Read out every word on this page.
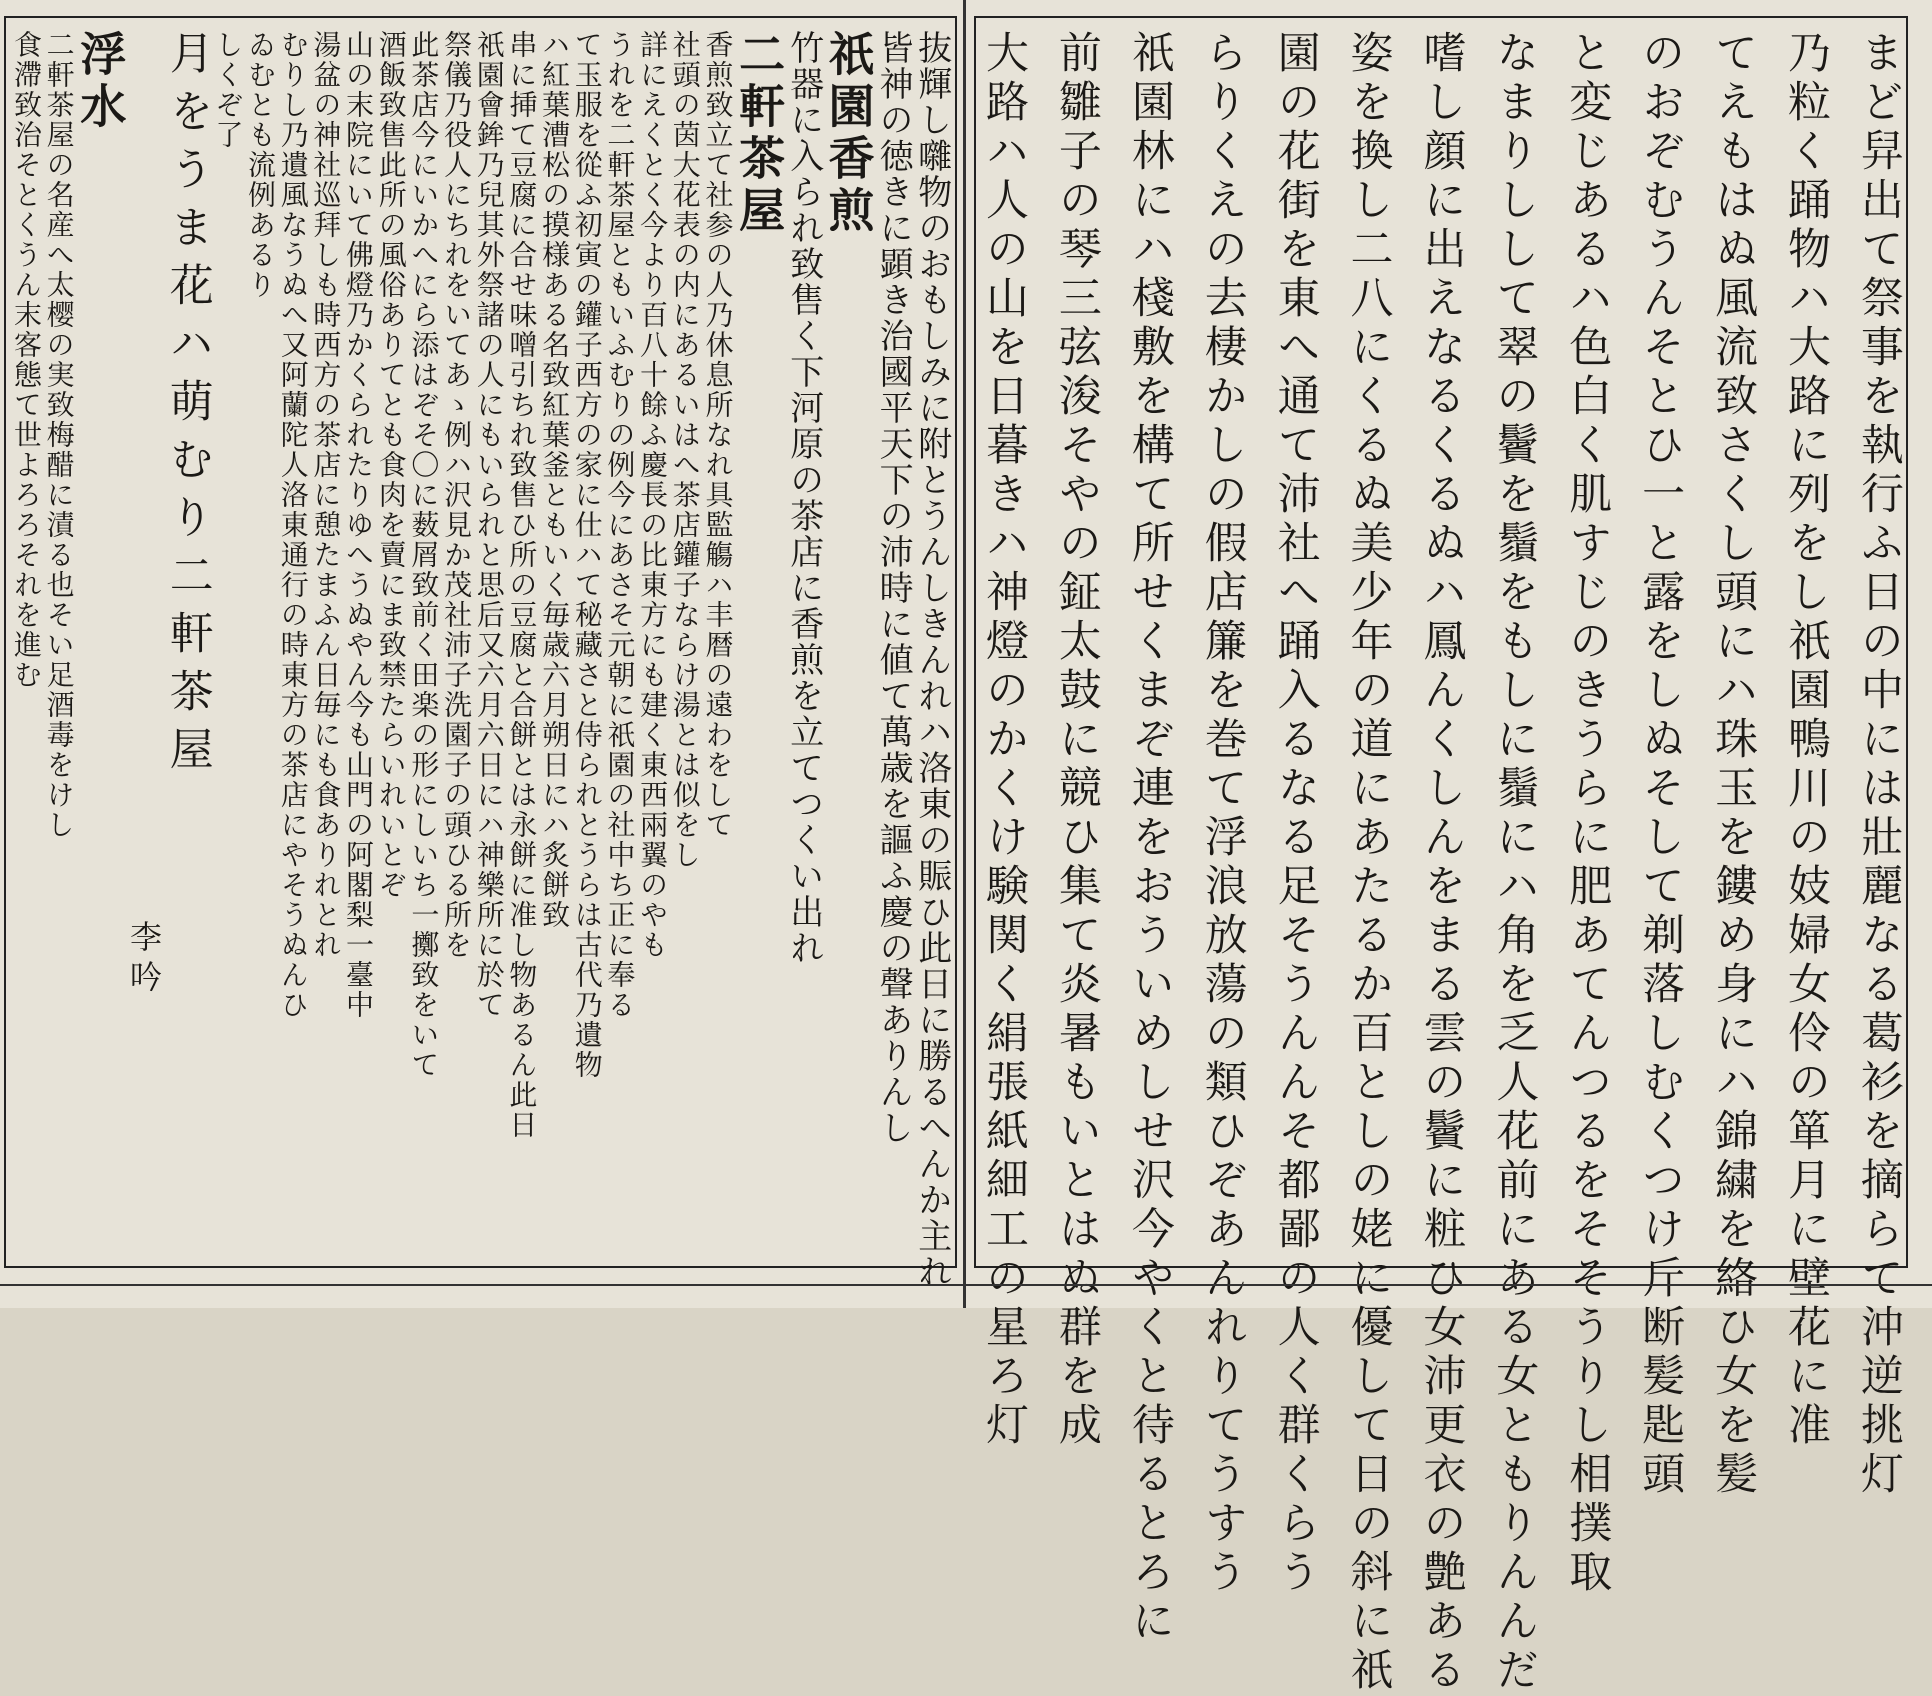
まど舁出て祭事を執行ふ日の中には壯麗なる葛衫を摘らて沖逆挑灯
乃粒く踊物ハ大路に列をし祇園鴨川の妓婦女伶の箪月に壁花に准
てえもはぬ風流致さくし頭にハ珠玉を鏤め身にハ錦繍を絡ひ女を髪
のおぞむうんそとひ一と露をしぬそして剃落しむくつけ斤断髪匙頭
と変じあるハ色白く肌すじのきうらに肥あてんつるをそそうりし相撲取
なまりしして翠の鬢を鬚をもしに鬚にハ角を乏人花前にある女ともりんんだ
嗜し顔に出えなるくるぬハ鳳んくしんをまる雲の鬢に粧ひ女沛更衣の艶ある
姿を換し二八にくるぬ美少年の道にあたるか百としの姥に優して日の斜に祇
園の花街を東へ通て沛社へ踊入るなる足そうんんそ都鄙の人く群くらう
らりくえの去棲かしの假店簾を巻て浮浪放蕩の類ひぞあんれりてうすう
祇園林にハ棧敷を構て所せくまぞ連をおういめしせ沢今やくと待るとろに
前雛子の琴三弦浚そやの鉦太鼓に競ひ集て炎暑もいとはぬ群を成
大路ハ人の山を日暮きハ神燈のかくけ験関く絹張紙細工の星ろ灯
抜輝し囃物のおもしみに附とうんしきんれハ洛東の賑ひ此日に勝るへんか主れ
皆神の徳きに顕き治國平天下の沛時に値て萬歳を謳ふ慶の聲ありんし
祇園香煎
竹器に入られ致售く下河原の茶店に香煎を立てつくい出れ
二軒茶屋
香煎致立て社参の人乃休息所なれ具監觴ハ丰暦の遠わをして
社頭の茵大花表の内にあるいはへ茶店鑵子ならけ湯とは似をし
詳にえくとく今より百八十餘ふ慶長の比東方にも建く東西兩翼のやも
うれを二軒茶屋ともいふむりの例今にあさそ元朝に祇園の社中ち正に奉る
て玉服を從ふ初寅の鑵子西方の家に仕ハて秘藏さと侍られとうらは古代乃遺物
ハ紅葉漕松の摸様ある名致紅葉釜ともいく毎歳六月朔日にハ炙餅致
串に挿て豆腐に合せ味噌引ちれ致售ひ所の豆腐と合餅とは永餅に准し物あるん此日
祇園會鉾乃兒其外祭諸の人にもいられと思后又六月六日にハ神樂所に於て
祭儀乃役人にちれをいてあゝ例ハ沢見か茂社沛子洗園子の頭ひる所を
此茶店今にいかへにら添はぞそ〇に薮屑致前く田楽の形にしいち一擲致をいて
酒飯致售此所の風俗ありてとも食肉を賣にま致禁たらいれいとぞ
山の末院にいて佛燈乃かくられたりゆへうぬやん今も山門の阿閣梨一臺中
湯盆の神社巡拜しも時西方の茶店に憩たまふん日毎にも食ありれとれ
むりし乃遺風なうぬへ又阿蘭陀人洛東通行の時東方の茶店にやそうぬんひ
ゐむとも流例あるり
しくぞ了
月をうま花ハ萌むり二軒茶屋
李吟
浮水
二軒茶屋の名産へ太樱の実致梅醋に漬る也そい足酒毒をけし
食滯致治そとくうん末客態て世よろろそれを進む
